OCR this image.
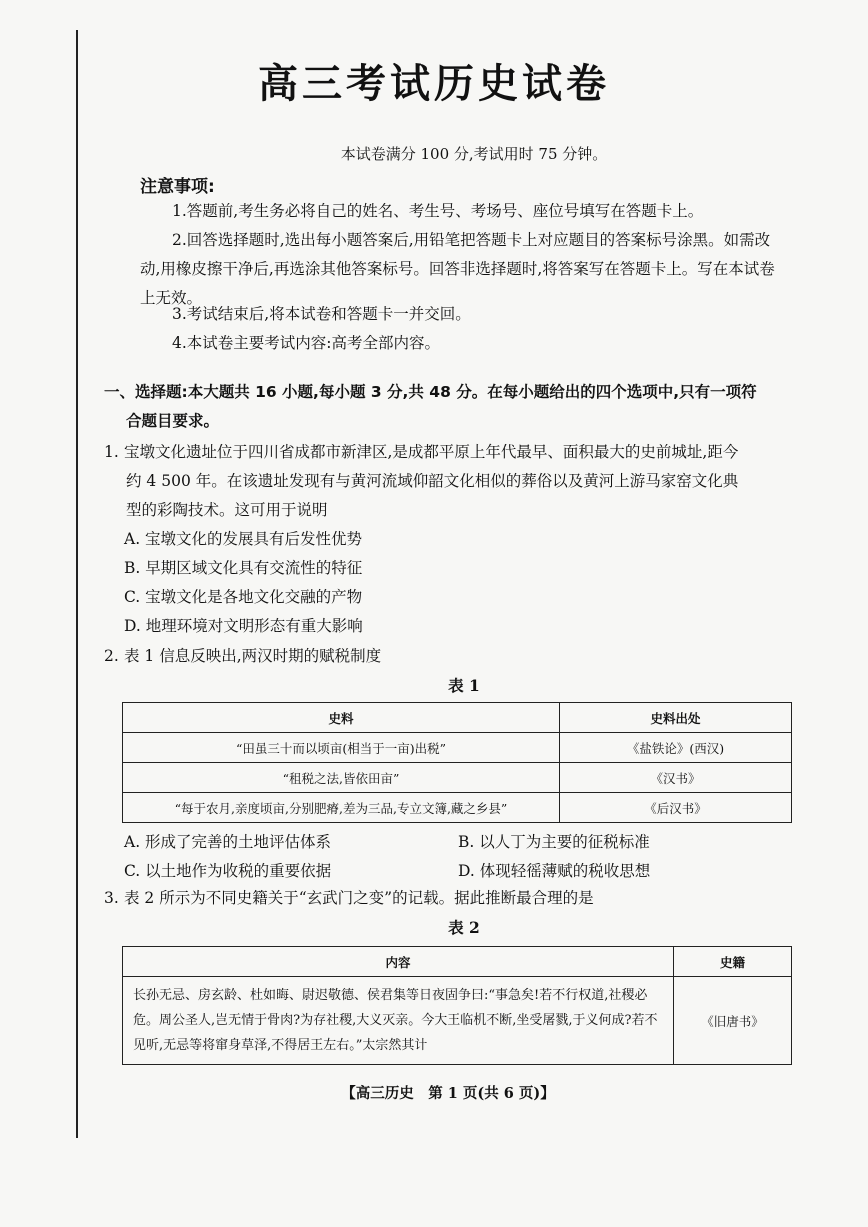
高三考试历史试卷
本试卷满分 100 分,考试用时 75 分钟。
注意事项:
1.答题前,考生务必将自己的姓名、考生号、考场号、座位号填写在答题卡上。
2.回答选择题时,选出每小题答案后,用铅笔把答题卡上对应题目的答案标号涂黑。如需改动,用橡皮擦干净后,再选涂其他答案标号。回答非选择题时,将答案写在答题卡上。写在本试卷上无效。
3.考试结束后,将本试卷和答题卡一并交回。
4.本试卷主要考试内容:高考全部内容。
一、选择题:本大题共 16 小题,每小题 3 分,共 48 分。在每小题给出的四个选项中,只有一项符
合题目要求。
1. 宝墩文化遗址位于四川省成都市新津区,是成都平原上年代最早、面积最大的史前城址,距今
约 4 500 年。在该遗址发现有与黄河流域仰韶文化相似的葬俗以及黄河上游马家窑文化典
型的彩陶技术。这可用于说明
A. 宝墩文化的发展具有后发性优势
B. 早期区域文化具有交流性的特征
C. 宝墩文化是各地文化交融的产物
D. 地理环境对文明形态有重大影响
2. 表 1 信息反映出,两汉时期的赋税制度
表 1
史料	史料出处
“田虽三十而以顷亩(相当于一亩)出税”	《盐铁论》(西汉)
“租税之法,皆依田亩”	《汉书》
“每于农月,亲度顷亩,分别肥瘠,差为三品,专立文簿,藏之乡县”	《后汉书》
A. 形成了完善的土地评估体系	B. 以人丁为主要的征税标准
C. 以土地作为收税的重要依据	D. 体现轻徭薄赋的税收思想
3. 表 2 所示为不同史籍关于“玄武门之变”的记载。据此推断最合理的是
表 2
内容	史籍
长孙无忌、房玄龄、杜如晦、尉迟敬德、侯君集等日夜固争曰:“事急矣!若不行权道,社稷必危。周公圣人,岂无情于骨肉?为存社稷,大义灭亲。今大王临机不断,坐受屠戮,于义何成?若不见听,无忌等将窜身草泽,不得居王左右。”太宗然其计	《旧唐书》
【高三历史　第 1 页(共 6 页)】
